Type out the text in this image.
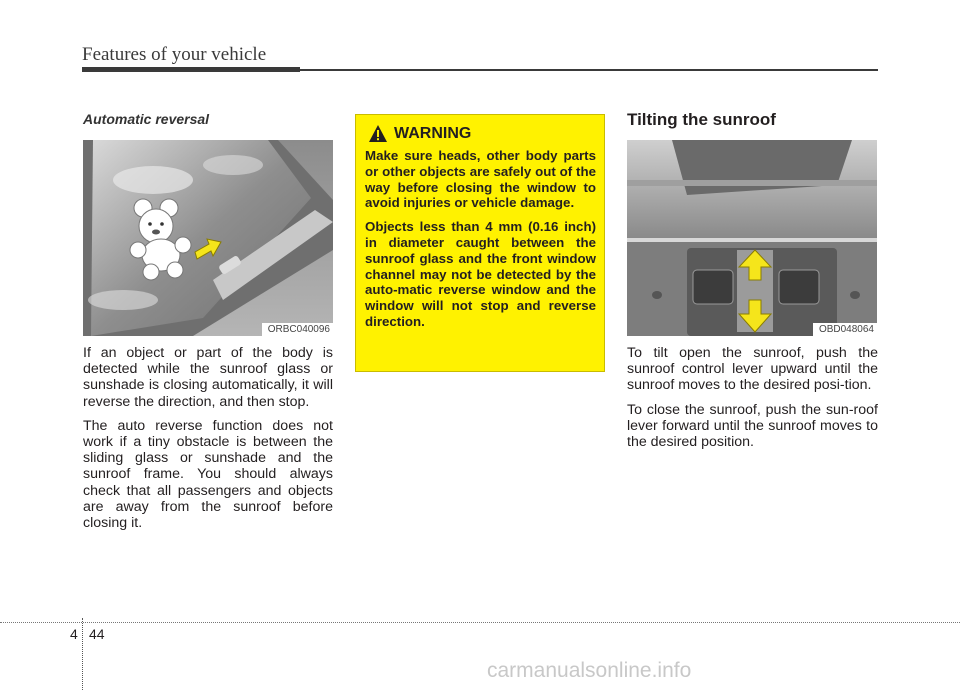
Features of your vehicle
Automatic reversal
ORBC040096

If an object or part of the body is detected while the sunroof glass or sunshade is closing automatically, it will reverse the direction, and then stop.

The auto reverse function does not work if a tiny obstacle is between the sliding glass or sunshade and the sunroof frame. You should always check that all passengers and objects are away from the sunroof before closing it.

WARNING

Make sure heads, other body parts or other objects are safely out of the way before closing the window to avoid injuries or vehicle damage.

Objects less than 4 mm (0.16 inch) in diameter caught between the sunroof glass and the front window channel may not be detected by the auto-matic reverse window and the window will not stop and reverse direction.

Tilting the sunroof
OBD048064

To tilt open the sunroof, push the sunroof control lever upward until the sunroof moves to the desired posi-tion.

To close the sunroof, push the sun-roof lever forward until the sunroof moves to the desired position.

4 44
carmanualsonline.info
